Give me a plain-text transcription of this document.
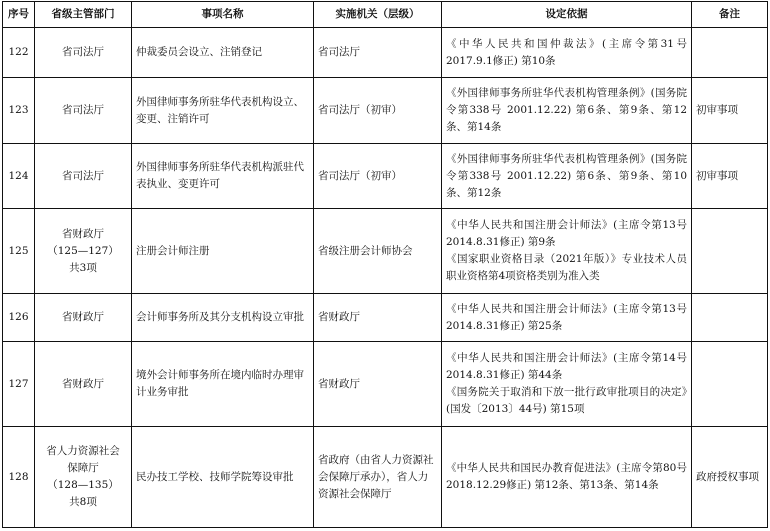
序号	省级主管部门	事项名称	实施机关（层级）	设定依据	备注
122	省司法厅	仲裁委员会设立、注销登记	省司法厅	《中华人民共和国仲裁法》(主席令第31号 2017.9.1修正) 第10条	

123	省司法厅	外国律师事务所驻华代表机构设立、变更、注销许可	省司法厅（初审）	《外国律师事务所驻华代表机构管理条例》(国务院令第338号 2001.12.22) 第6条、第9条、第12条、第14条	初审事项
124	省司法厅	外国律师事务所驻华代表机构派驻代表执业、变更许可	省司法厅（初审）	《外国律师事务所驻华代表机构管理条例》(国务院令第338号 2001.12.22) 第6条、第9条、第10条、第12条	初审事项
125	省财政厅
（125—127）
共3项	注册会计师注册	省级注册会计师协会	《中华人民共和国注册会计师法》(主席令第13号 2014.8.31修正) 第9条
《国家职业资格目录（2021年版）》专业技术人员职业资格第4项资格类别为准入类	

126	省财政厅	会计师事务所及其分支机构设立审批	省财政厅	《中华人民共和国注册会计师法》(主席令第13号 2014.8.31修正) 第25条	

127	省财政厅	境外会计师事务所在境内临时办理审计业务审批	省财政厅	《中华人民共和国注册会计师法》(主席令第14号 2014.8.31修正) 第44条
《国务院关于取消和下放一批行政审批项目的决定》(国发〔2013〕44号) 第15项	

128	省人力资源社会
保障厅
（128—135）
共8项	民办技工学校、技师学院筹设审批	省政府（由省人力资源社会保障厅承办），省人力资源社会保障厅	《中华人民共和国民办教育促进法》(主席令第80号 2018.12.29修正) 第12条、第13条、第14条	政府授权事项
